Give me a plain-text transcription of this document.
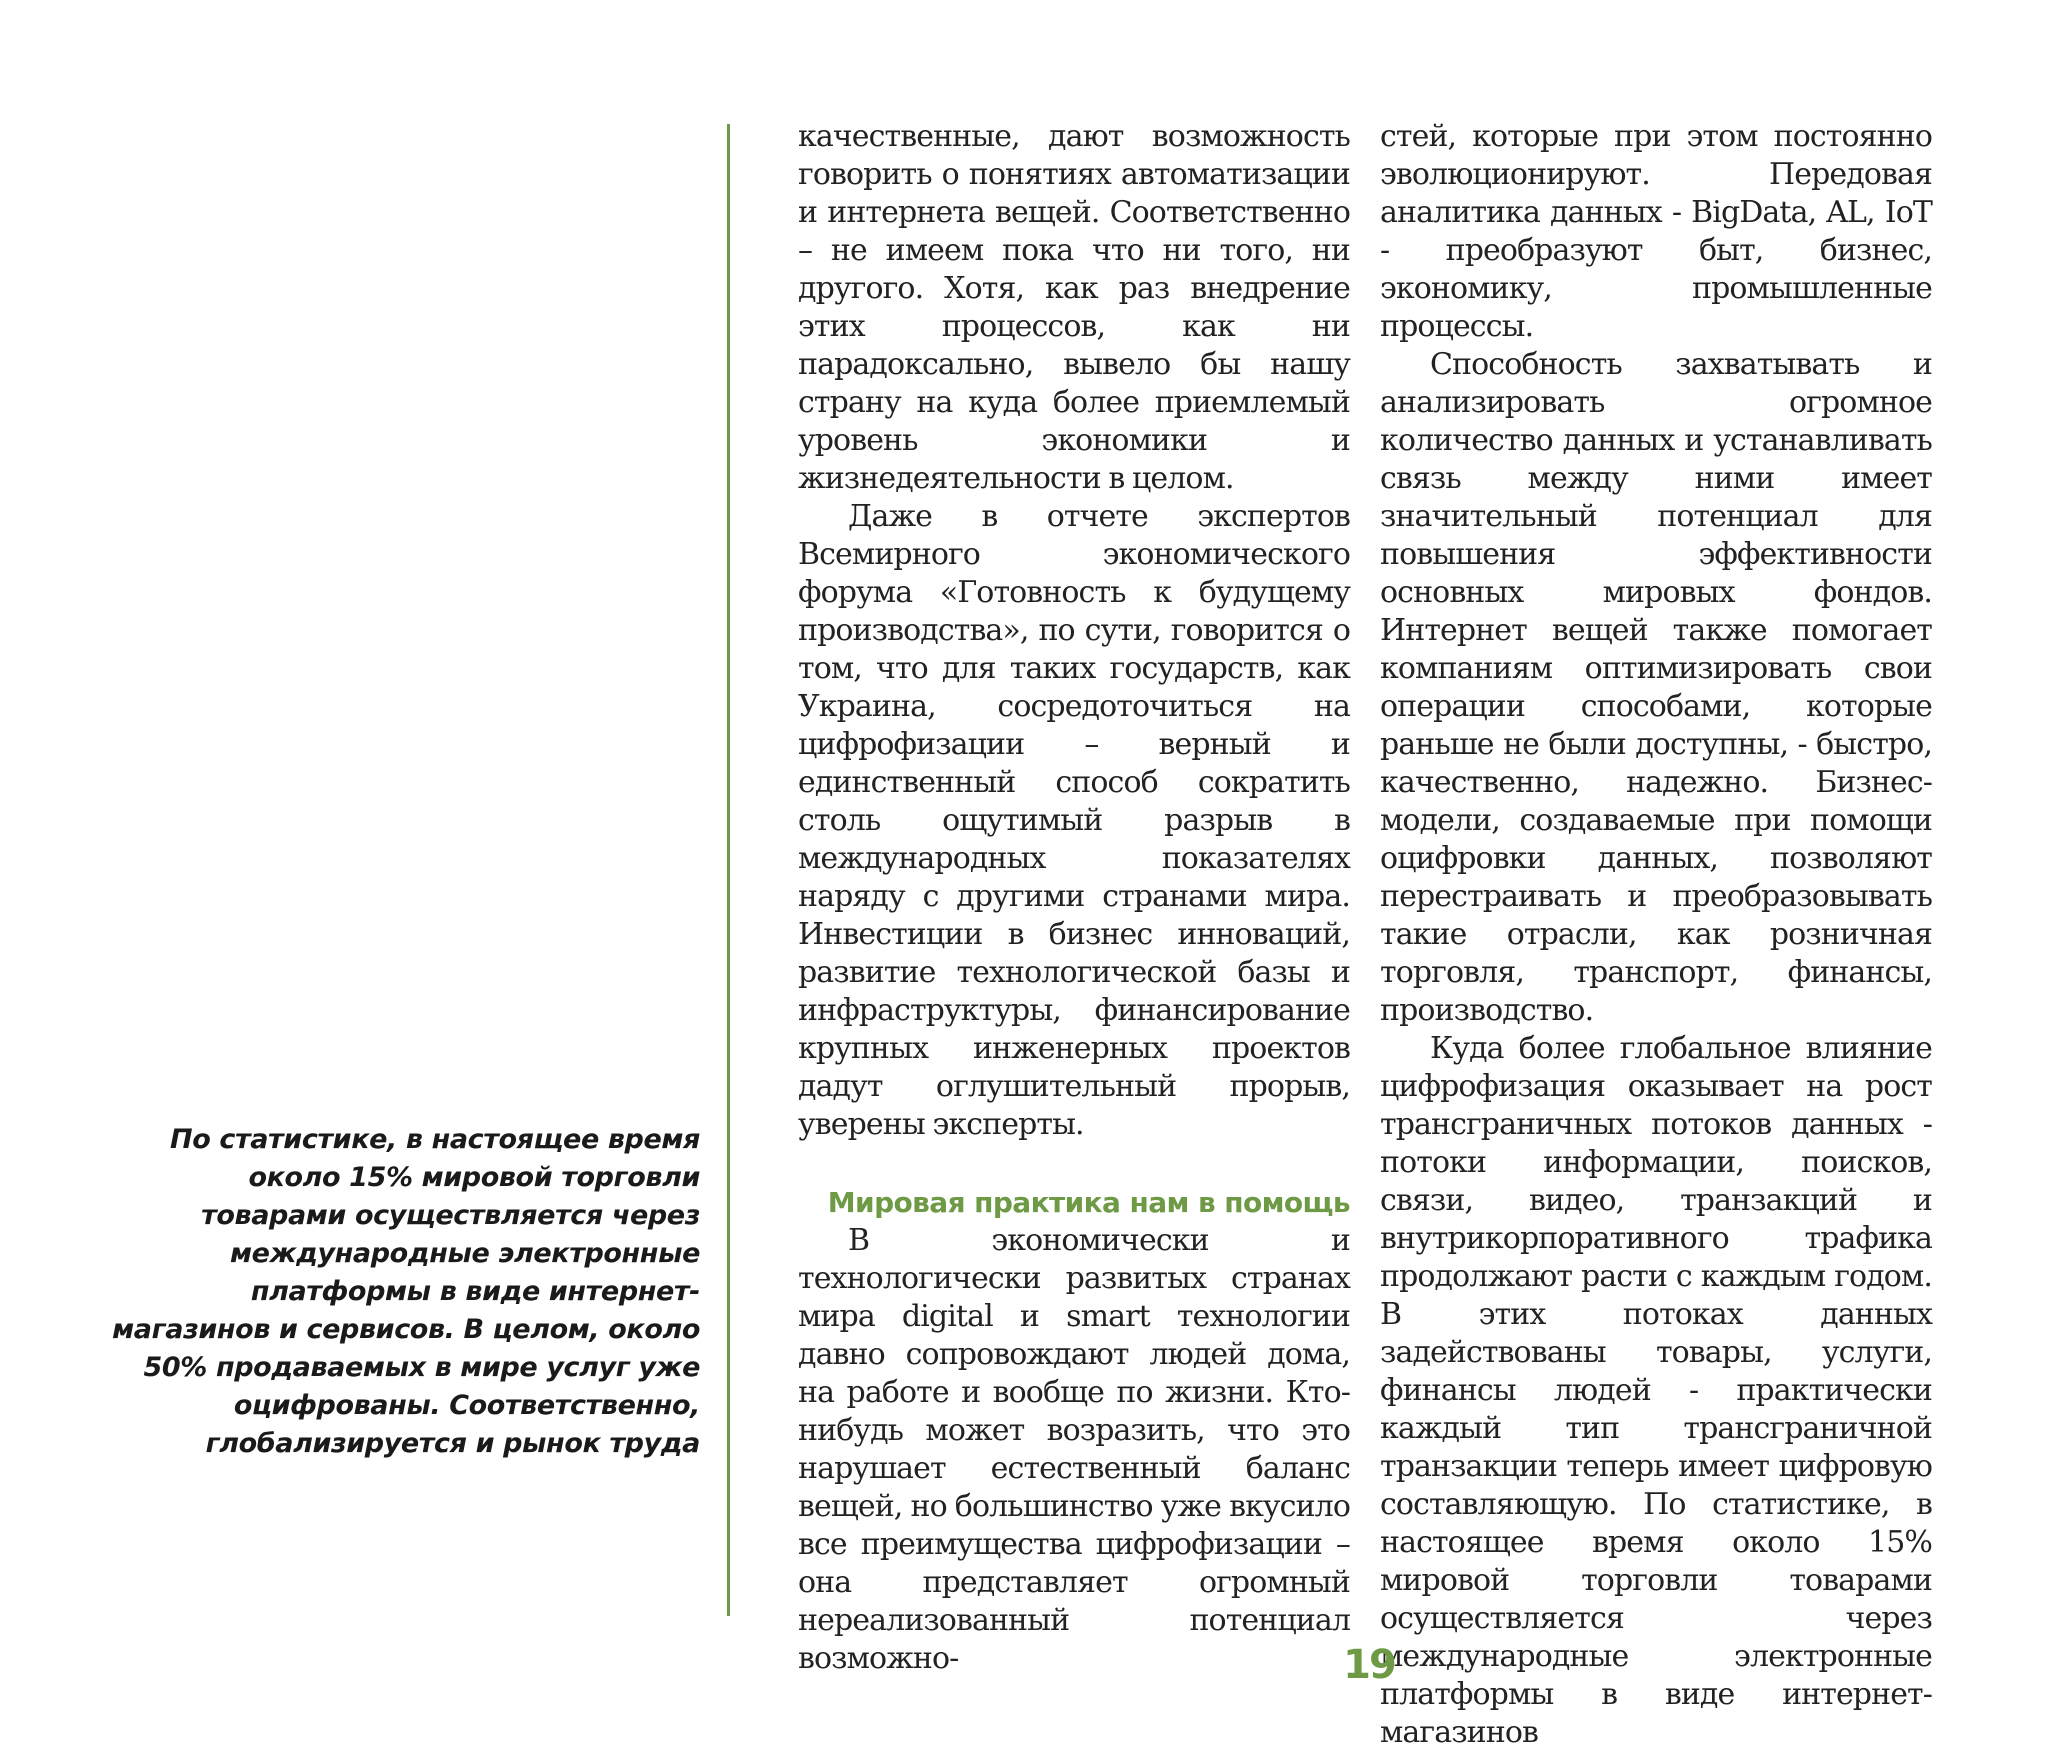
По статистике, в настоящее время около 15% мировой торговли товарами осуществляется через международные электронные платформы в виде интернет-магазинов и сервисов. В целом, около 50% продаваемых в мире услуг уже оцифрованы. Соответственно, глобализируется и рынок труда

качественные, дают возможность говорить о понятиях автоматизации и интернета вещей. Соответственно – не имеем пока что ни того, ни другого. Хотя, как раз внедрение этих процессов, как ни парадоксально, вывело бы нашу страну на куда более приемлемый уровень экономики и жизнедеятельности в целом.

Даже в отчете экспертов Всемирного экономического форума «Готовность к будущему производства», по сути, говорится о том, что для таких государств, как Украина, сосредоточиться на цифрофизации – верный и единственный способ сократить столь ощутимый разрыв в международных показателях наряду с другими странами мира. Инвестиции в бизнес инноваций, развитие технологической базы и инфраструктуры, финансирование крупных инженерных проектов дадут оглушительный прорыв, уверены эксперты.

Мировая практика нам в помощь

В экономически и технологически развитых странах мира digital и smart технологии давно сопровождают людей дома, на работе и вообще по жизни. Кто-нибудь может возразить, что это нарушает естественный баланс вещей, но большинство уже вкусило все преимущества цифрофизации – она представляет огромный нереализованный потенциал возможно-

стей, которые при этом постоянно эволюционируют. Передовая аналитика данных - BigData, AL, IoT - преобразуют быт, бизнес, экономику, промышленные процессы.

Способность захватывать и анализировать огромное количество данных и устанавливать связь между ними имеет значительный потенциал для повышения эффективности основных мировых фондов. Интернет вещей также помогает компаниям оптимизировать свои операции способами, которые раньше не были доступны, - быстро, качественно, надежно. Бизнес-модели, создаваемые при помощи оцифровки данных, позволяют перестраивать и преобразовывать такие отрасли, как розничная торговля, транспорт, финансы, производство.

Куда более глобальное влияние цифрофизация оказывает на рост трансграничных потоков данных - потоки информации, поисков, связи, видео, транзакций и внутрикорпоративного трафика продолжают расти с каждым годом. В этих потоках данных задействованы товары, услуги, финансы людей - практически каждый тип трансграничной транзакции теперь имеет цифровую составляющую. По статистике, в настоящее время около 15% мировой торговли товарами осуществляется через международные электронные платформы в виде интернет-магазинов

19
